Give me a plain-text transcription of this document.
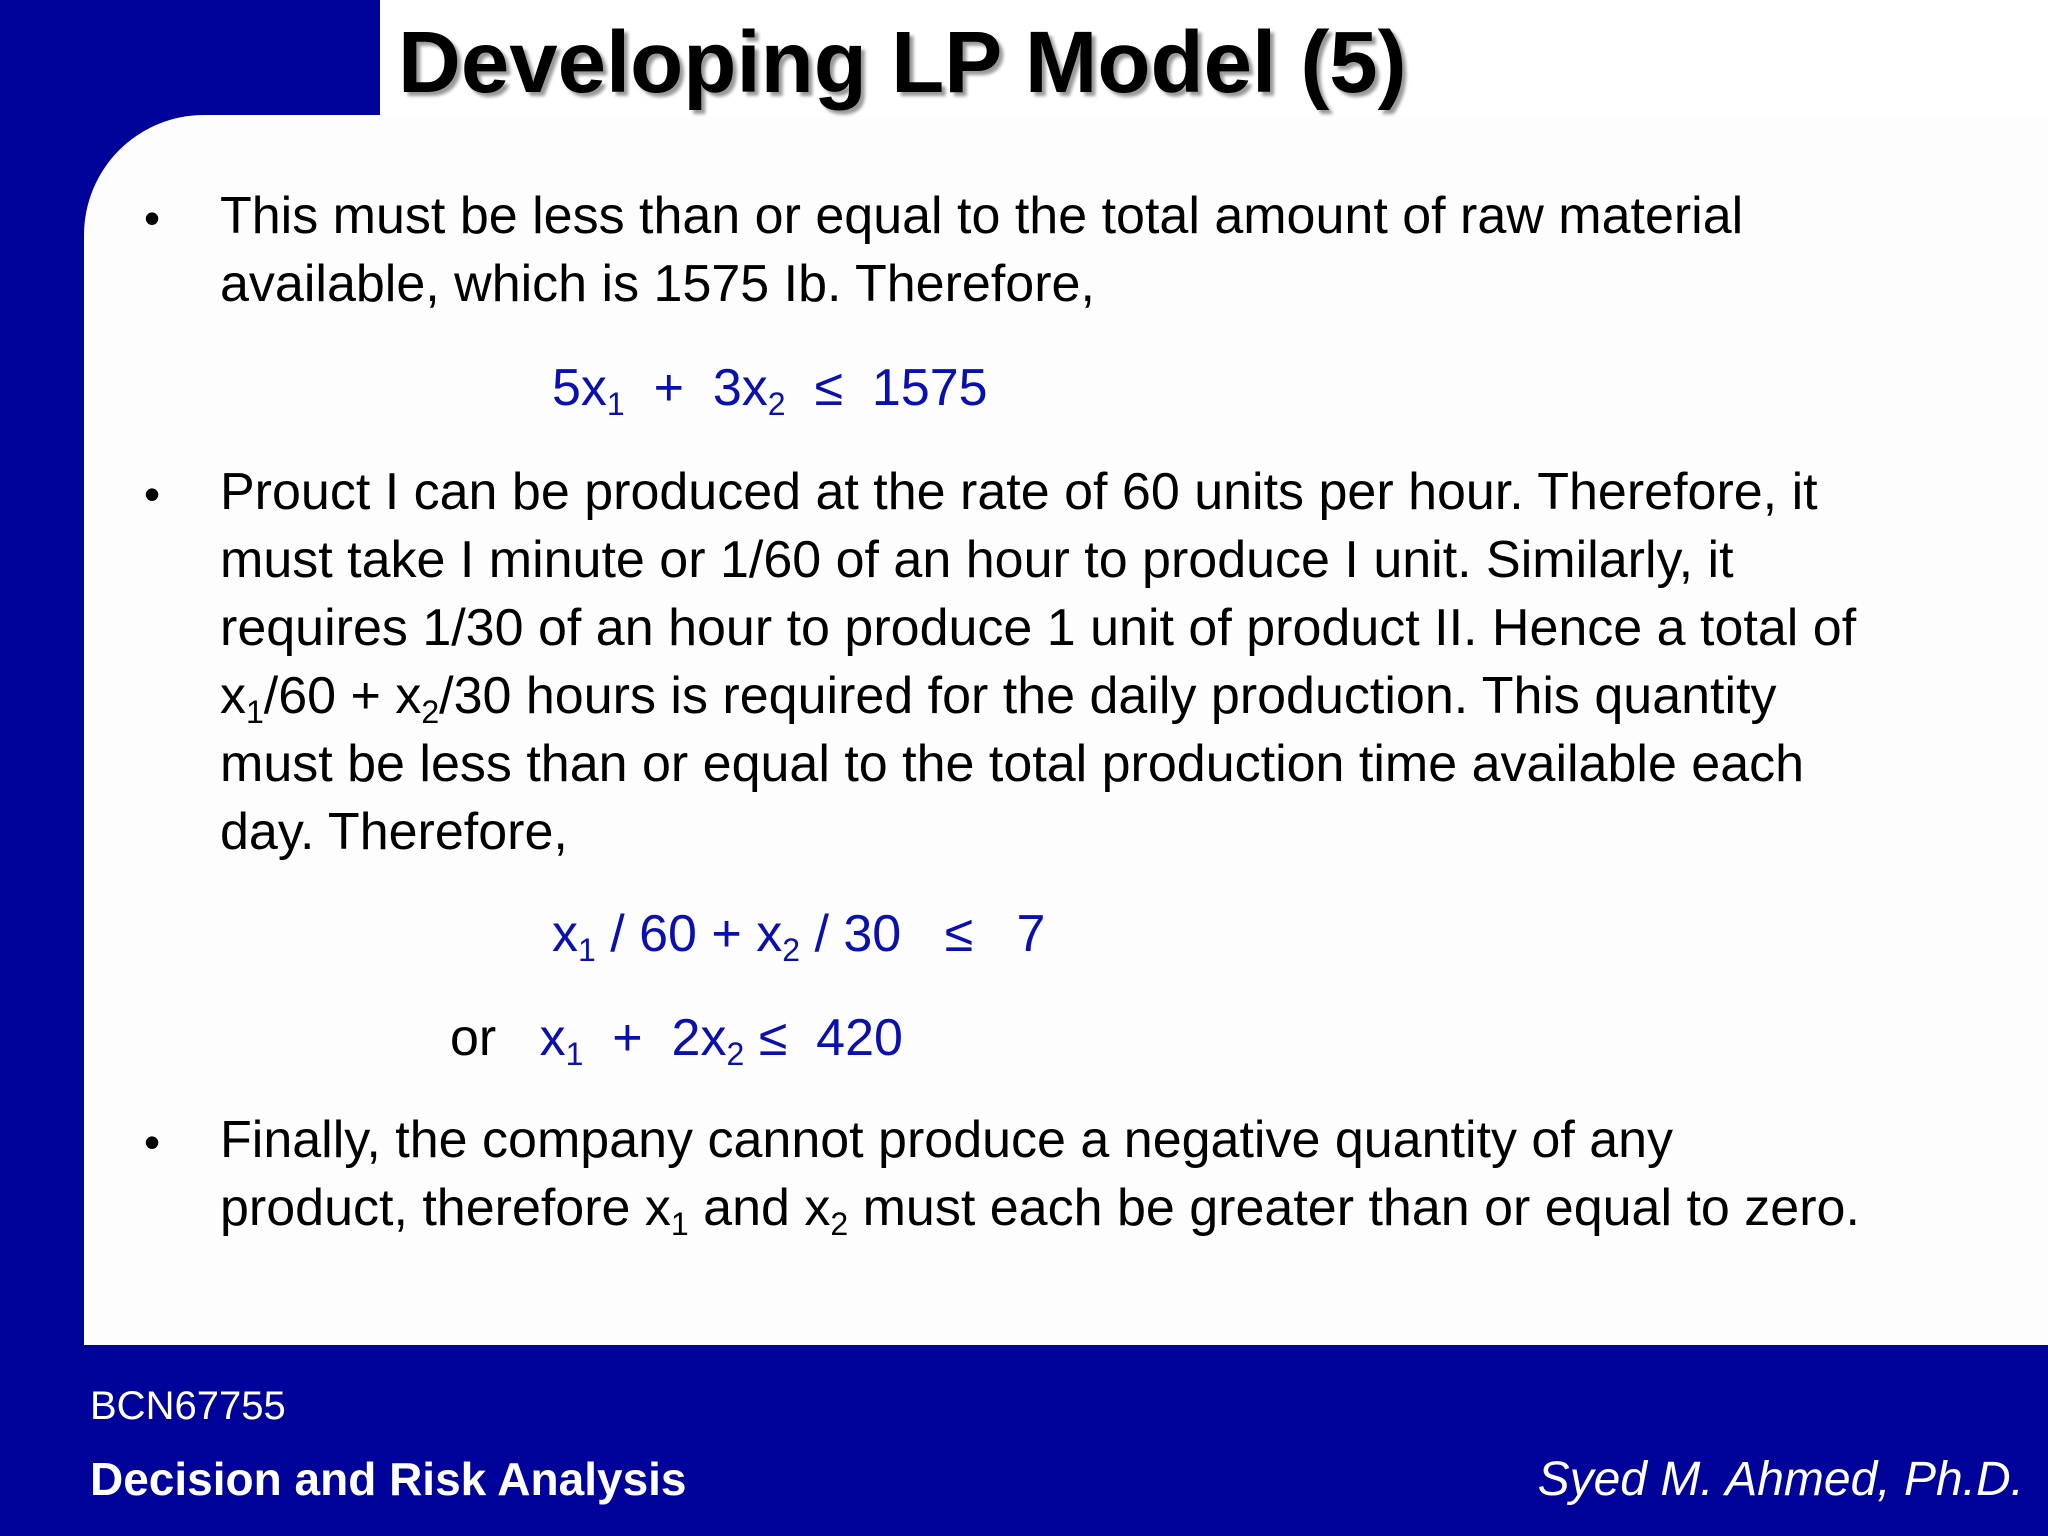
Developing LP Model (5)
• This must be less than or equal to the total amount of raw material
available, which is 1575 Ib. Therefore,

$5x_1 + 3x_2 \le 1575$
• Prouct I can be produced at the rate of 60 units per hour. Therefore, it
must take I minute or 1/60 of an hour to produce I unit. Similarly, it
requires 1/30 of an hour to produce 1 unit of product II. Hence a total of
$x_1/60 + x_2/30$ hours is required for the daily production. This quantity
must be less than or equal to the total production time available each
day. Therefore,

$x_1 / 60 + x_2 / 30 \le 7$
or $x_1 + 2x_2 \le 420$
• Finally, the company cannot produce a negative quantity of any
product, therefore $x_1$ and $x_2$ must each be greater than or equal to zero.

BCN67755
Decision and Risk Analysis	Syed M. Ahmed, Ph.D.
